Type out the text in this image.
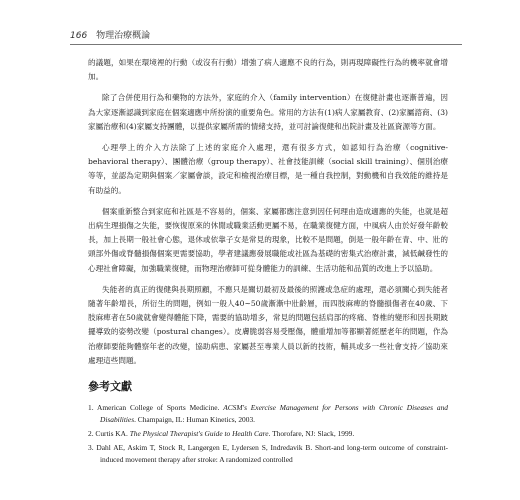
166 物理治療概論

的議題，如果在環境裡的行動（或沒有行動）增強了病人適應不良的行為，則再現障礙性行為的機率就會增加。

除了合併使用行為和藥物的方法外，家庭的介入（family intervention）在復健計畫也逐漸普遍，因為大家逐漸認識到家庭在個案適應中所扮演的重要角色。常用的方法有(1)病人家屬教育、(2)家屬諮商、(3)家屬治療和(4)家屬支持團體，以提供家屬所需的情緒支持，並可討論復健和出院計畫及社區資源等方面。

心理學上的介入方法除了上述的家庭介入處理，還有很多方式，如認知行為治療（cognitive-behavioral therapy）、團體治療（group therapy）、社會技能訓練（social skill training）、個別治療等等，並認為定期與個案／家屬會談，設定和檢視治療目標，是一種自我控制，對動機和自我效能的維持是有助益的。

個案重新整合到家庭和社區是不容易的，個案、家屬都應注意到因任何理由造成適應的失能，也就是超出病生理損傷之失能，要恢復原來的休閒或職業活動更屬不易，在職業復健方面，中風病人由於好發年齡較長，加上長期一般社會心態，退休或依靠子女是常見的現象，比較不是問題，倒是一般年齡在青、中、壯的頭部外傷或脊髓損傷個案更需要協助，學者建議應發展職能或社區為基礎的密集式治療計畫，減低鹹發性的心理社會障礙，加強職業復健，而物理治療師可從身體能力的訓練、生活功能和品質的改進上予以協助。

失能者的真正的復健與長期照顧，不應只是關切最初及最後的照護或急症的處理，還必須關心到失能者隨著年齡增長，所衍生的問題，例如一般人40~50歲漸漸中壯齡層，而四肢麻痺的脊髓損傷者在40歲、下肢麻痺者在50歲就會變得體能下降，需要的協助增多，常見的問題包括肩部的疼痛、脊椎的變形和因長期跛擺導致的姿勢改變（postural changes）。皮膚脆弱容易受壓傷，體重增加等都顯著經歷老年的問題，作為治療師要能夠體察年老的改變，協助病患、家屬甚至專業人員以新的技術，輔具或多一些社會支持／協助來處理這些問題。

參考文獻
1. American College of Sports Medicine. ACSM's Exercise Management for Persons with Chronic Diseases and Disabilities. Champaign, IL: Human Kinetics, 2003.
2. Curtis KA. The Physical Therapist's Guide to Health Care. Thorofare, NJ: Slack, 1999.
3. Dahl AE, Askim T, Stock R, Langørgen E, Lydersen S, Indredavik B. Short-and long-term outcome of constraint-induced movement therapy after stroke: A randomized controlled
